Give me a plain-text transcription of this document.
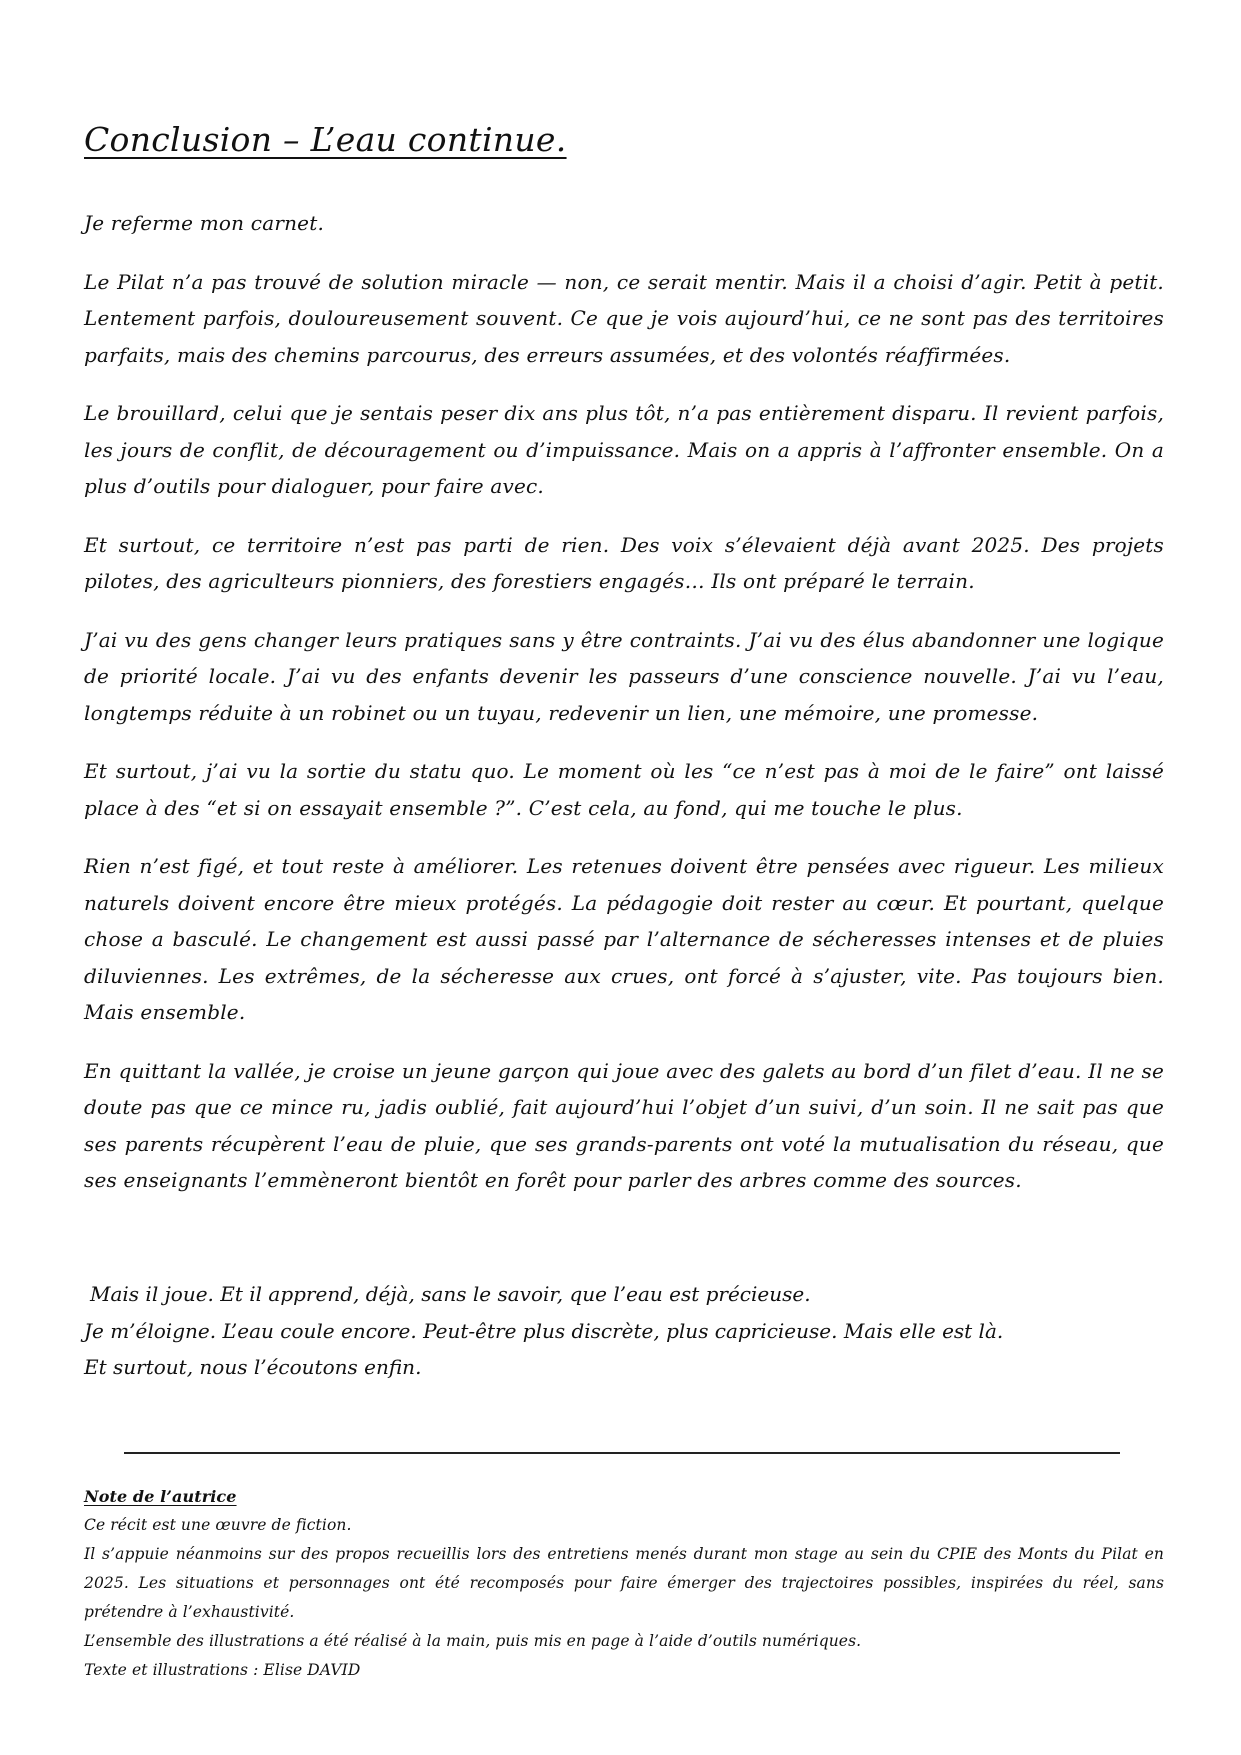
Conclusion – L’eau continue.

Je referme mon carnet.

Le Pilat n’a pas trouvé de solution miracle — non, ce serait mentir. Mais il a choisi d’agir. Petit à petit. Lentement parfois, douloureusement souvent. Ce que je vois aujourd’hui, ce ne sont pas des territoires parfaits, mais des chemins parcourus, des erreurs assumées, et des volontés réaffirmées.

Le brouillard, celui que je sentais peser dix ans plus tôt, n’a pas entièrement disparu. Il revient parfois, les jours de conflit, de découragement ou d’impuissance. Mais on a appris à l’affronter ensemble. On a plus d’outils pour dialoguer, pour faire avec.

Et surtout, ce territoire n’est pas parti de rien. Des voix s’élevaient déjà avant 2025. Des projets pilotes, des agriculteurs pionniers, des forestiers engagés… Ils ont préparé le terrain.

J’ai vu des gens changer leurs pratiques sans y être contraints. J’ai vu des élus abandonner une logique de priorité locale. J’ai vu des enfants devenir les passeurs d’une conscience nouvelle. J’ai vu l’eau, longtemps réduite à un robinet ou un tuyau, redevenir un lien, une mémoire, une promesse.

Et surtout, j’ai vu la sortie du statu quo. Le moment où les “ce n’est pas à moi de le faire” ont laissé place à des “et si on essayait ensemble ?”. C’est cela, au fond, qui me touche le plus.

Rien n’est figé, et tout reste à améliorer. Les retenues doivent être pensées avec rigueur. Les milieux naturels doivent encore être mieux protégés. La pédagogie doit rester au cœur. Et pourtant, quelque chose a basculé. Le changement est aussi passé par l’alternance de sécheresses intenses et de pluies diluviennes. Les extrêmes, de la sécheresse aux crues, ont forcé à s’ajuster, vite. Pas toujours bien. Mais ensemble.

En quittant la vallée, je croise un jeune garçon qui joue avec des galets au bord d’un filet d’eau. Il ne se doute pas que ce mince ru, jadis oublié, fait aujourd’hui l’objet d’un suivi, d’un soin. Il ne sait pas que ses parents récupèrent l’eau de pluie, que ses grands-parents ont voté la mutualisation du réseau, que ses enseignants l’emmèneront bientôt en forêt pour parler des arbres comme des sources.

Mais il joue. Et il apprend, déjà, sans le savoir, que l’eau est précieuse.
Je m’éloigne. L’eau coule encore. Peut-être plus discrète, plus capricieuse. Mais elle est là.
Et surtout, nous l’écoutons enfin.
Note de l’autrice
Ce récit est une œuvre de fiction.
Il s’appuie néanmoins sur des propos recueillis lors des entretiens menés durant mon stage au sein du CPIE des Monts du Pilat en 2025. Les situations et personnages ont été recomposés pour faire émerger des trajectoires possibles, inspirées du réel, sans prétendre à l’exhaustivité.
L’ensemble des illustrations a été réalisé à la main, puis mis en page à l’aide d’outils numériques.
Texte et illustrations : Elise DAVID
